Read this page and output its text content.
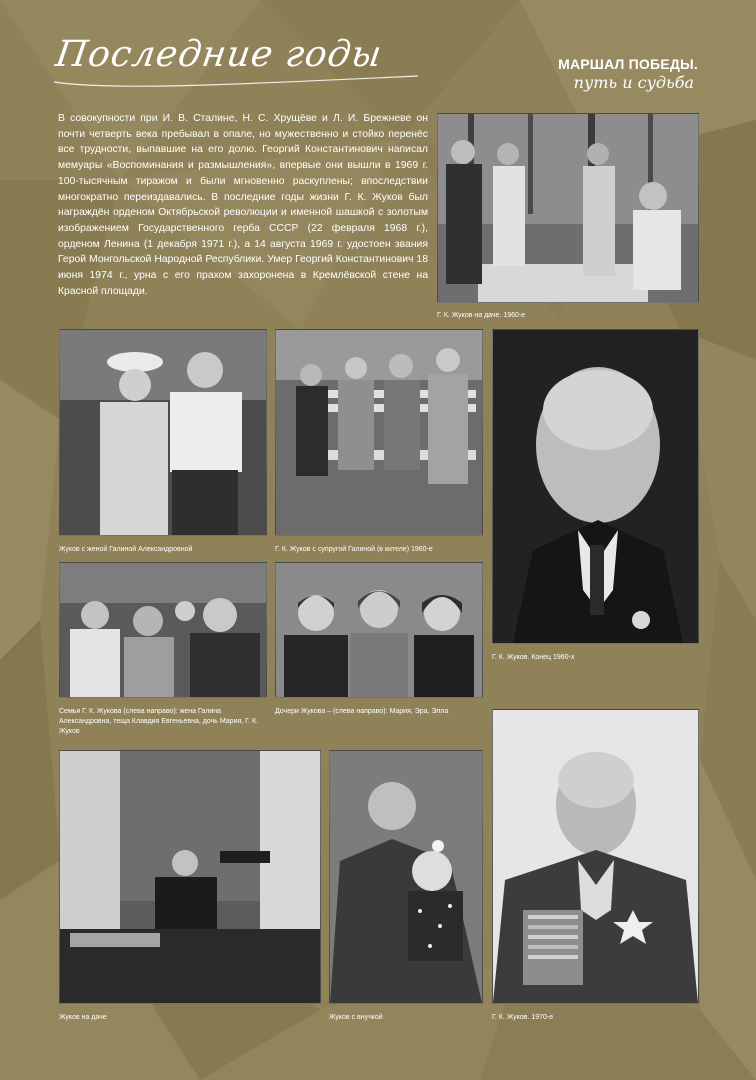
Последние годы	МАРШАЛ ПОБЕДЫ.
путь и судьба

В совокупности при И. В. Сталине, Н. С. Хрущёве и Л. И. Брежневе он почти четверть века пребывал в опале, но мужественно и стойко перенёс все трудности, выпавшие на его долю. Георгий Константинович написал мемуары «Воспоминания и размышления», впервые они вышли в 1969 г. 100-тысячным тиражом и были мгновенно раскуплены; впоследствии многократно переиздавались. В последние годы жизни Г. К. Жуков был награждён орденом Октябрьской революции и именной шашкой с золотым изображением Государственного герба СССР (22 февраля 1968 г.), орденом Ленина (1 декабря 1971 г.), а 14 августа 1969 г. удостоен звания Герой Монгольской Народной Республики. Умер Георгий Константинович 18 июня 1974 г., урна с его прахом захоронена в Кремлёвской стене на Красной площади.

Г. К. Жуков на даче. 1960-е
Жуков с женой Галиной Александровной	Г. К. Жуков с супругой Галиной (в кителе) 1960-е
Г. К. Жуков. Конец 1960-х
Семья Г. К. Жукова (слева направо): жена Галина Александровна, теща Клавдия Евгеньевна, дочь Мария, Г. К. Жуков
Дочери Жукова – (слева направо): Мария, Эра, Элла
Жуков на даче	Жуков с внучкой	Г. К. Жуков. 1970-е
